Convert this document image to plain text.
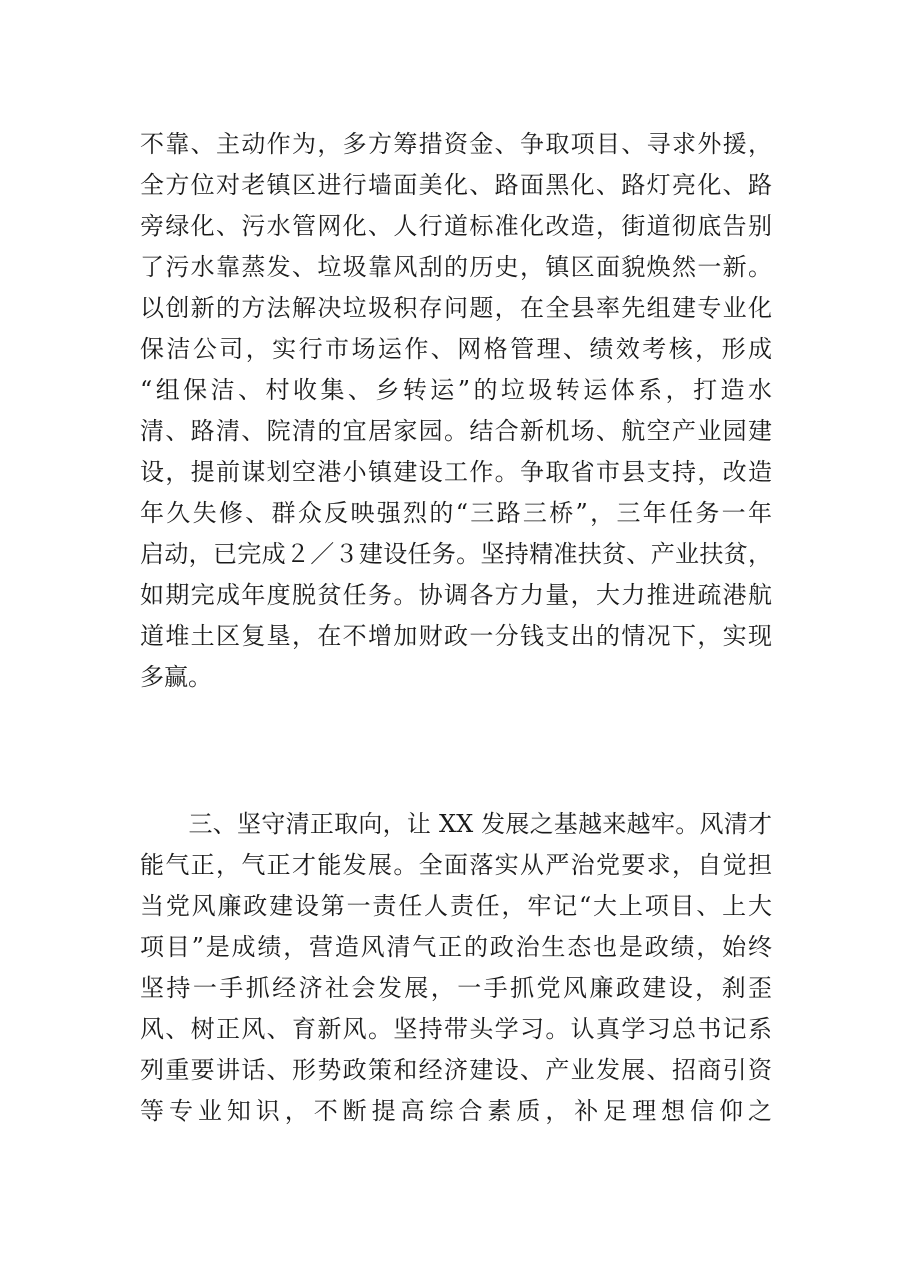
不靠、主动作为，多方筹措资金、争取项目、寻求外援，
全方位对老镇区进行墙面美化、路面黑化、路灯亮化、路
旁绿化、污水管网化、人行道标准化改造，街道彻底告别
了污水靠蒸发、垃圾靠风刮的历史，镇区面貌焕然一新。
以创新的方法解决垃圾积存问题，在全县率先组建专业化
保洁公司，实行市场运作、网格管理、绩效考核，形成
“组保洁、村收集、乡转运”的垃圾转运体系，打造水
清、路清、院清的宜居家园。结合新机场、航空产业园建
设，提前谋划空港小镇建设工作。争取省市县支持，改造
年久失修、群众反映强烈的“三路三桥”，三年任务一年
启动，已完成２／３建设任务。坚持精准扶贫、产业扶贫，
如期完成年度脱贫任务。协调各方力量，大力推进疏港航
道堆土区复垦，在不增加财政一分钱支出的情况下，实现
多赢。
　　三、坚守清正取向，让 XX 发展之基越来越牢。风清才
能气正，气正才能发展。全面落实从严治党要求，自觉担
当党风廉政建设第一责任人责任，牢记“大上项目、上大
项目”是成绩，营造风清气正的政治生态也是政绩，始终
坚持一手抓经济社会发展，一手抓党风廉政建设，刹歪
风、树正风、育新风。坚持带头学习。认真学习总书记系
列重要讲话、形势政策和经济建设、产业发展、招商引资
等专业知识，不断提高综合素质，补足理想信仰之
